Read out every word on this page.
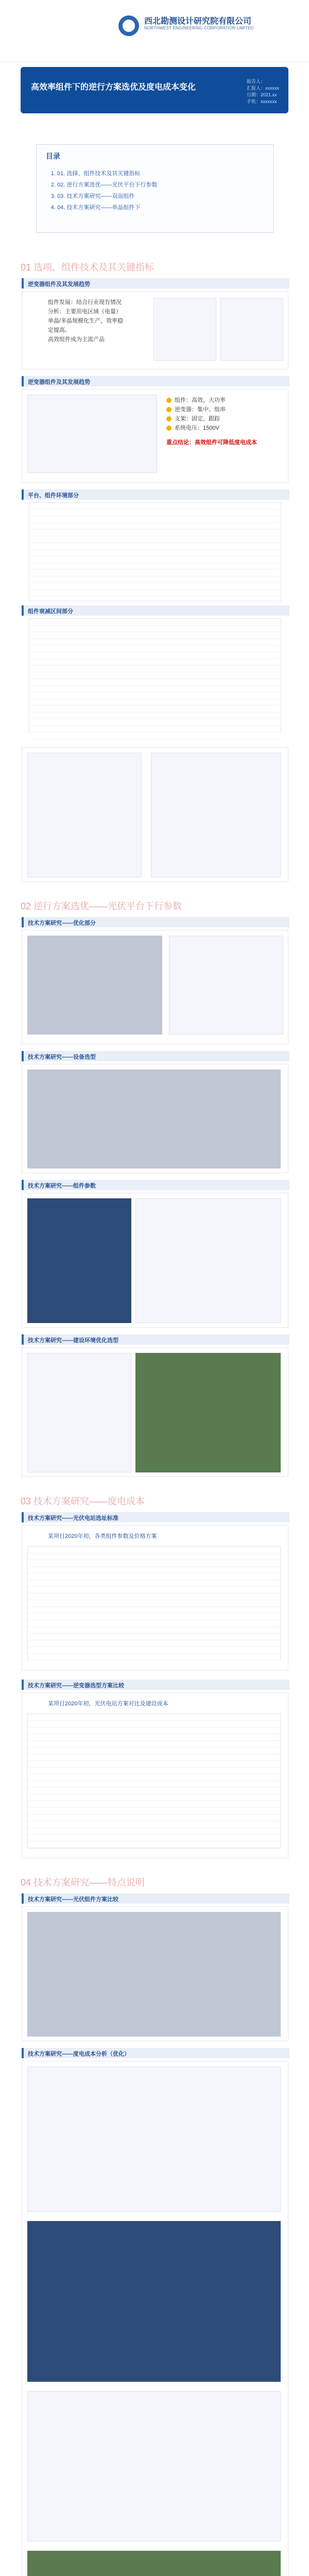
西北勘测设计研究院有限公司
NORTHWEST ENGINEERING CORPORATION LIMITED
高效率组件下的逆行方案选优及度电成本变化
报告人：
汇报人：xxxxxx
日期：2021.xx
手机：xxxxxxx
目录
1. 01. 选择、组件技术及其关键指标
2. 02. 逆行方案选优——光伏平台下行参数
3. 03. 技术方案研究——双面组件
4. 04. 技术方案研究——单晶组件下
01 选项、组件技术及其关键指标
逆变器组件及其发展趋势
组件发展：结合行业现有情况
分析：主要用电区域（电量）
单晶/多晶规模化生产，效率稳
定提高。
高效组件成为主流产品
逆变器组件及其发展趋势
组件：高效、大功率
逆变器：集中、组串
支架：固定、跟踪
系统电压：1500V
重点结论：高效组件可降低度电成本
平台、组件环境部分
组件衰减区间部分
02 逆行方案选优——光伏平台下行参数
技术方案研究——优化部分
技术方案研究——设备选型
技术方案研究——组件参数
技术方案研究——建设环境优化选型
03 技术方案研究——度电成本
技术方案研究——光伏电站选址标准
某项目2020年初，各类组件参数及价格方案
技术方案研究——逆变器选型方案比较
某项目2020年初，光伏电站方案对比及建设成本
04 技术方案研究——特点说明
技术方案研究——光伏组件方案比较
技术方案研究——度电成本分析（优化）
